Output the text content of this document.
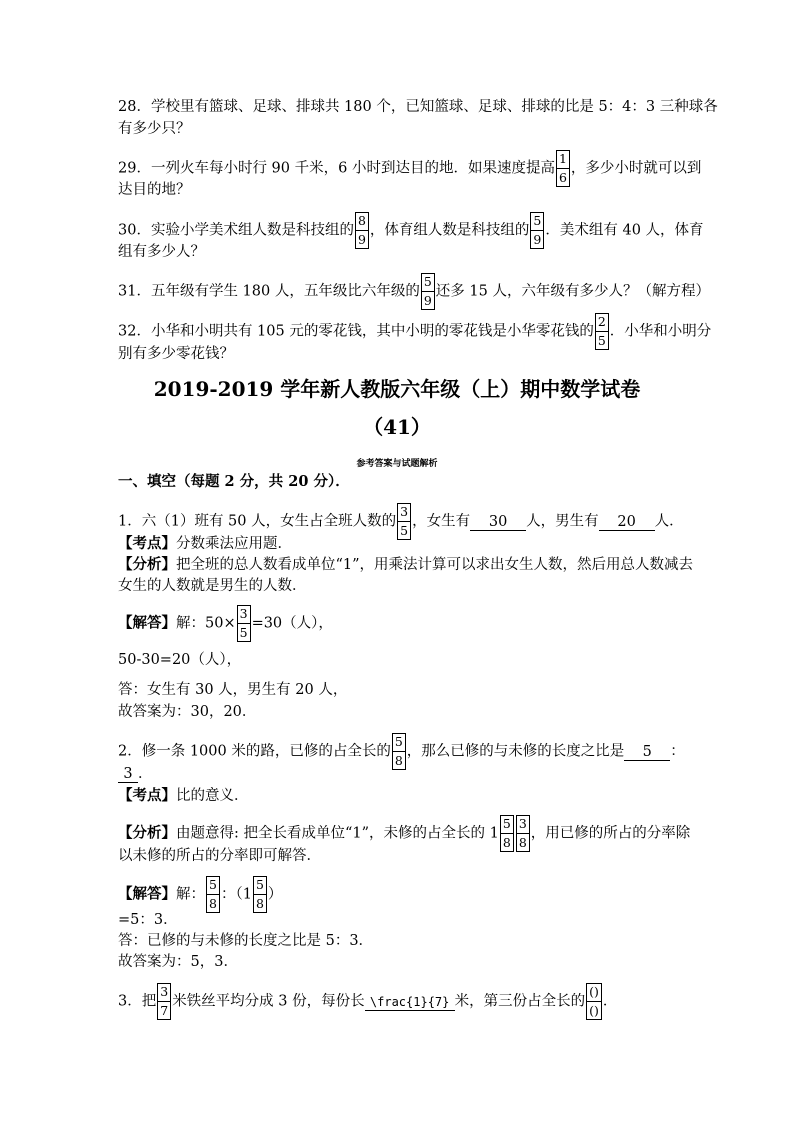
28．学校里有篮球、足球、排球共 180 个，已知篮球、足球、排球的比是 5：4：3 三种球各
有多少只？
29．一列火车每小时行 90 千米，6 小时到达目的地．如果速度提高 $\frac{1}{6}$ ，多少小时就可以到
达目的地？
30．实验小学美术组人数是科技组的 $\frac{8}{9}$ ，体育组人数是科技组的 $\frac{5}{9}$ ．美术组有 40 人，体育
组有多少人？
31．五年级有学生 180 人，五年级比六年级的 $\frac{5}{9}$ 还多 15 人，六年级有多少人？（解方程）
32．小华和小明共有 105 元的零花钱，其中小明的零花钱是小华零花钱的 $\frac{2}{5}$ ．小华和小明分
别有多少零花钱？
2019-2019 学年新人教版六年级（上）期中数学试卷
（41）
参考答案与试题解析
一、填空（每题 2 分，共 20 分）．
1．六（1）班有 50 人，女生占全班人数的 $\frac{3}{5}$ ，女生有 30 人，男生有 20 人．
【考点】分数乘法应用题．
【分析】把全班的总人数看成单位“1”，用乘法计算可以求出女生人数，然后用总人数减去
女生的人数就是男生的人数．
【解答】解：$50\times \frac{3}{5} =30$（人），
50-30=20（人），
答：女生有 30 人，男生有 20 人，
故答案为：30，20．
2．修一条 1000 米的路，已修的占全长的 $\frac{5}{8}$ ，那么已修的与未修的长度之比是 5 ：
3 ．
【考点】比的意义．
【分析】由题意得: 把全长看成单位“1”，未修的占全长的 $1 \frac{5}{8} \frac{3}{8}$ ，用已修的所占的分率除
以未修的所占的分率即可解答．
【解答】解： $\frac{5}{8}$ ：（$1 \frac{5}{8}$ ）
=5：3．
答：已修的与未修的长度之比是 5：3．
故答案为：5，3．
3．把 $\frac{3}{7}$ 米铁丝平均分成 3 份，每份长 \frac{1}{7} 米，第三份占全长的 $\frac{()}{()}$ ．
